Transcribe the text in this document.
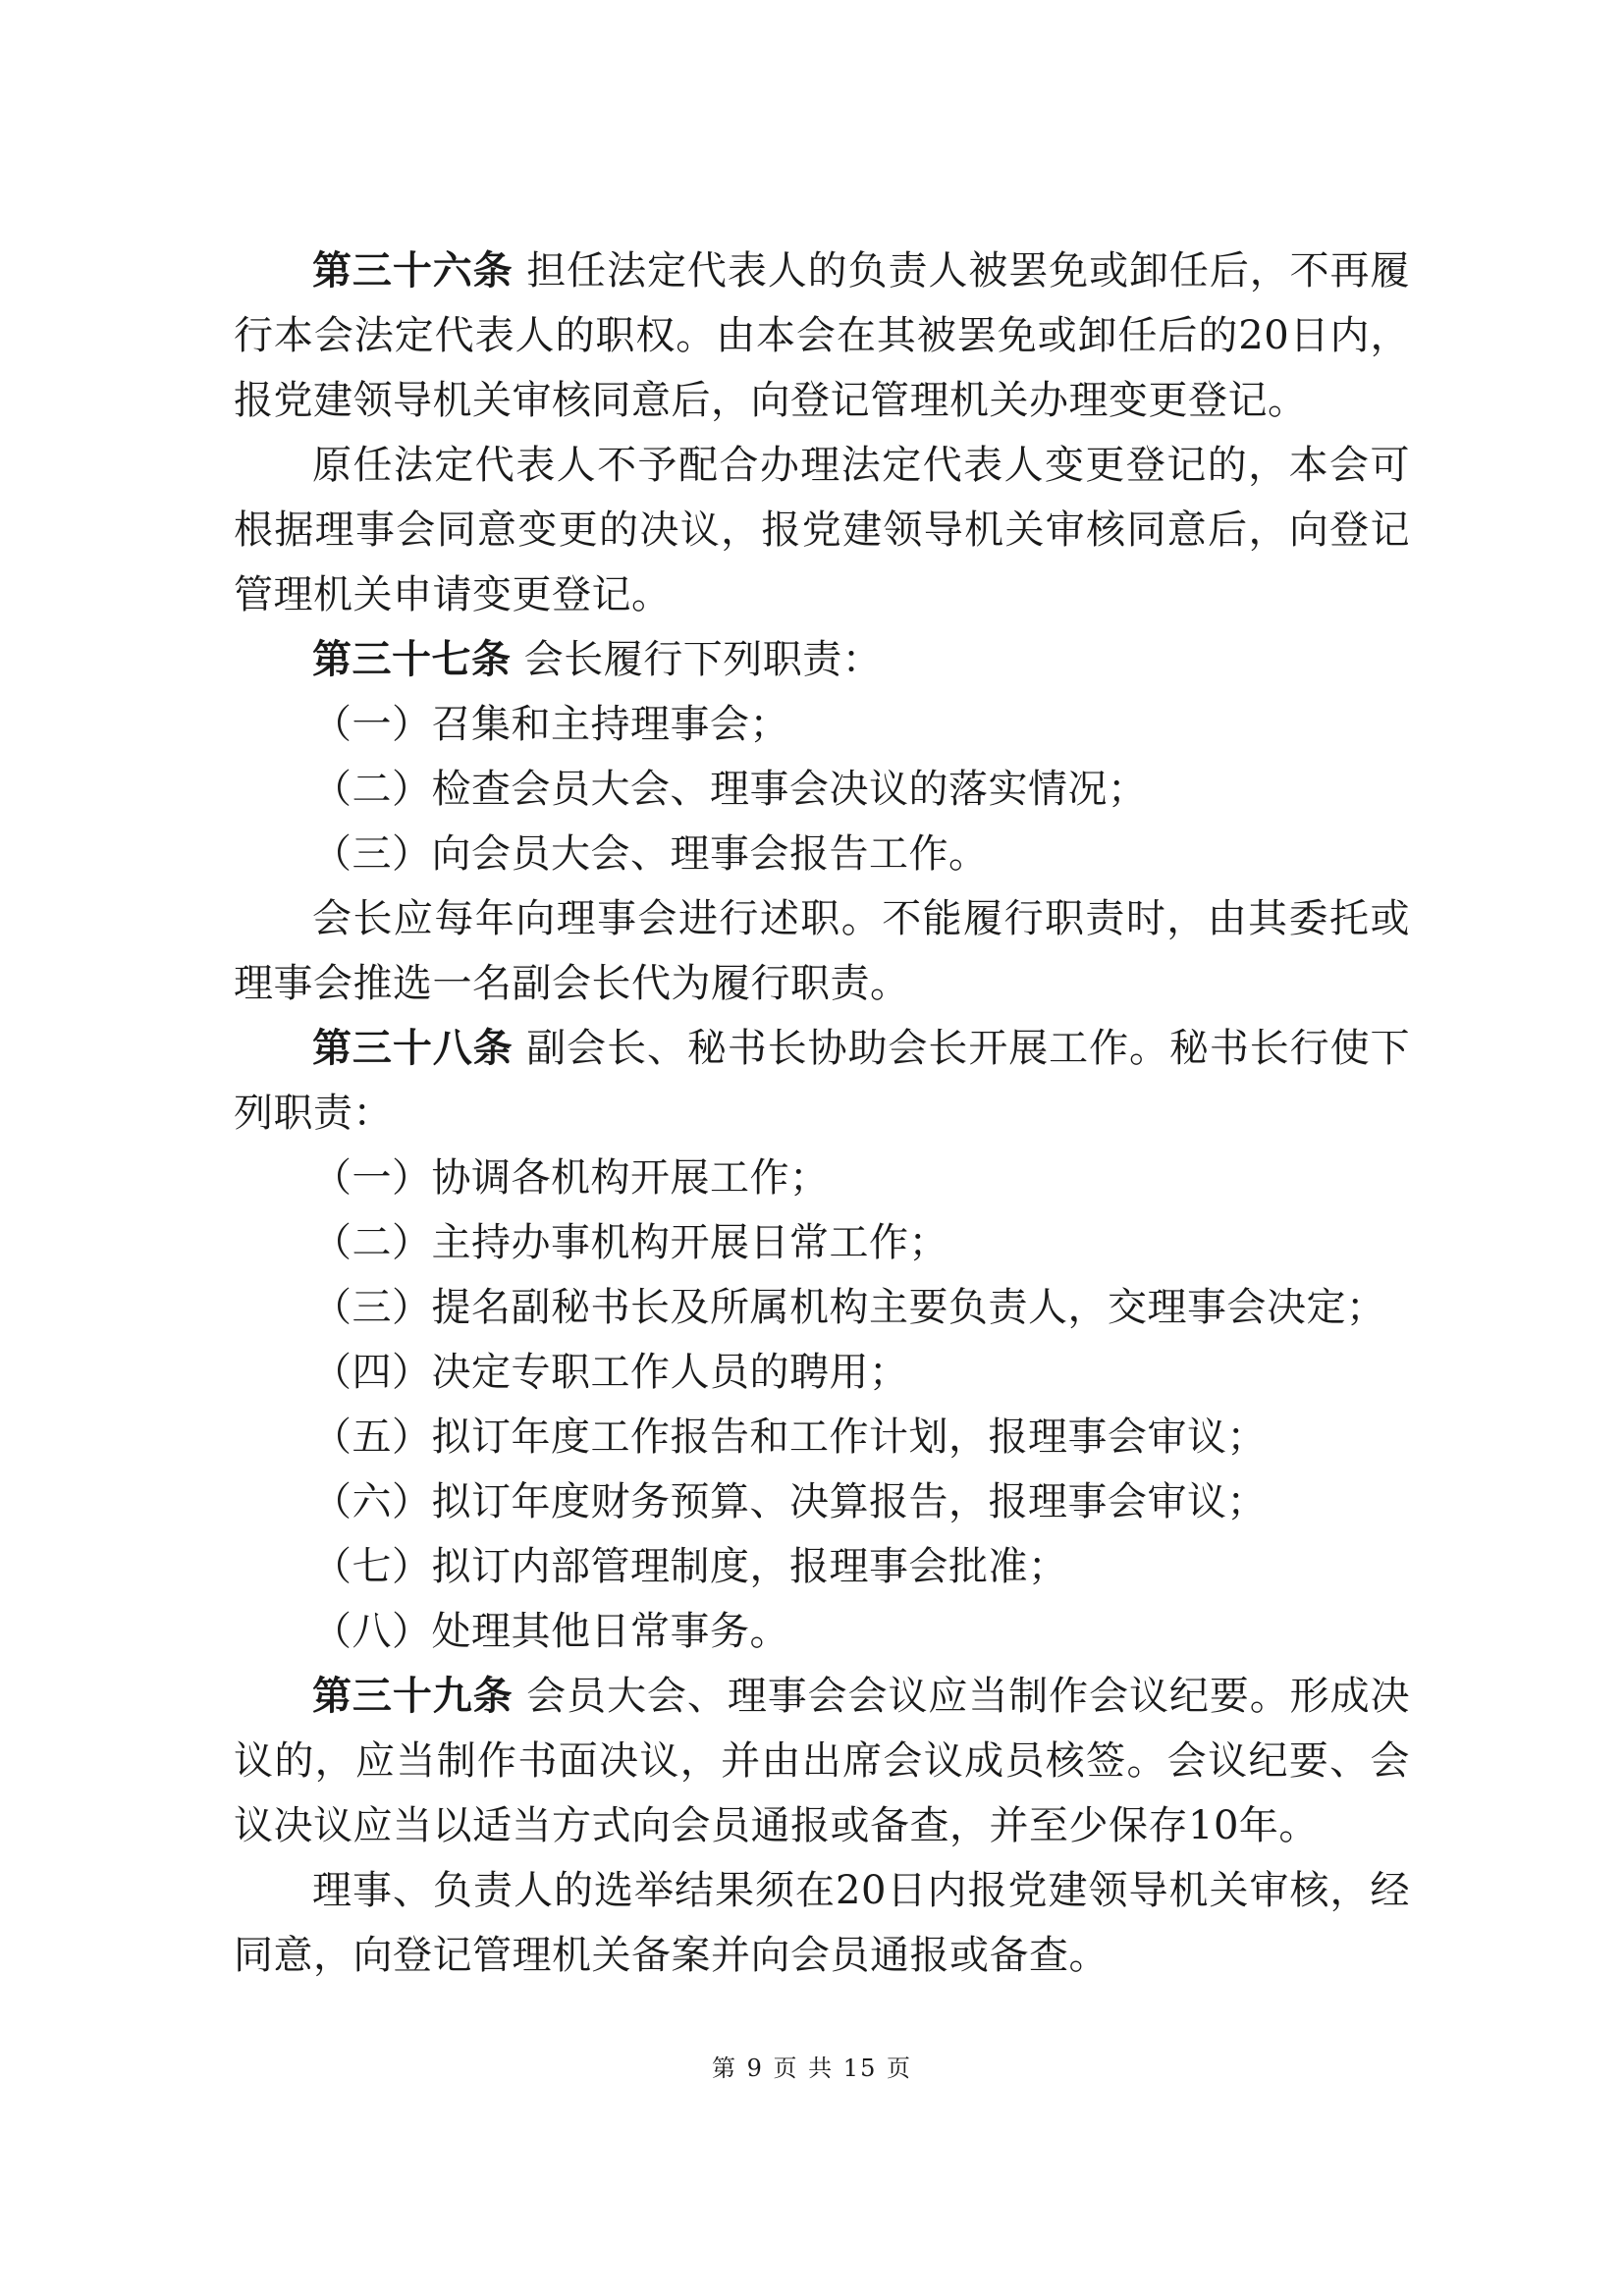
第三十六条 担任法定代表人的负责人被罢免或卸任后，不再履行本会法定代表人的职权。由本会在其被罢免或卸任后的20日内，报党建领导机关审核同意后，向登记管理机关办理变更登记。

原任法定代表人不予配合办理法定代表人变更登记的，本会可根据理事会同意变更的决议，报党建领导机关审核同意后，向登记管理机关申请变更登记。

第三十七条 会长履行下列职责：

（一）召集和主持理事会；

（二）检查会员大会、理事会决议的落实情况；

（三）向会员大会、理事会报告工作。

会长应每年向理事会进行述职。不能履行职责时，由其委托或理事会推选一名副会长代为履行职责。

第三十八条 副会长、秘书长协助会长开展工作。秘书长行使下列职责：

（一）协调各机构开展工作；

（二）主持办事机构开展日常工作；

（三）提名副秘书长及所属机构主要负责人，交理事会决定；

（四）决定专职工作人员的聘用；

（五）拟订年度工作报告和工作计划，报理事会审议；

（六）拟订年度财务预算、决算报告，报理事会审议；

（七）拟订内部管理制度，报理事会批准；

（八）处理其他日常事务。

第三十九条 会员大会、理事会会议应当制作会议纪要。形成决议的，应当制作书面决议，并由出席会议成员核签。会议纪要、会议决议应当以适当方式向会员通报或备查，并至少保存10年。

理事、负责人的选举结果须在20日内报党建领导机关审核，经同意，向登记管理机关备案并向会员通报或备查。

第 9 页 共 15 页
